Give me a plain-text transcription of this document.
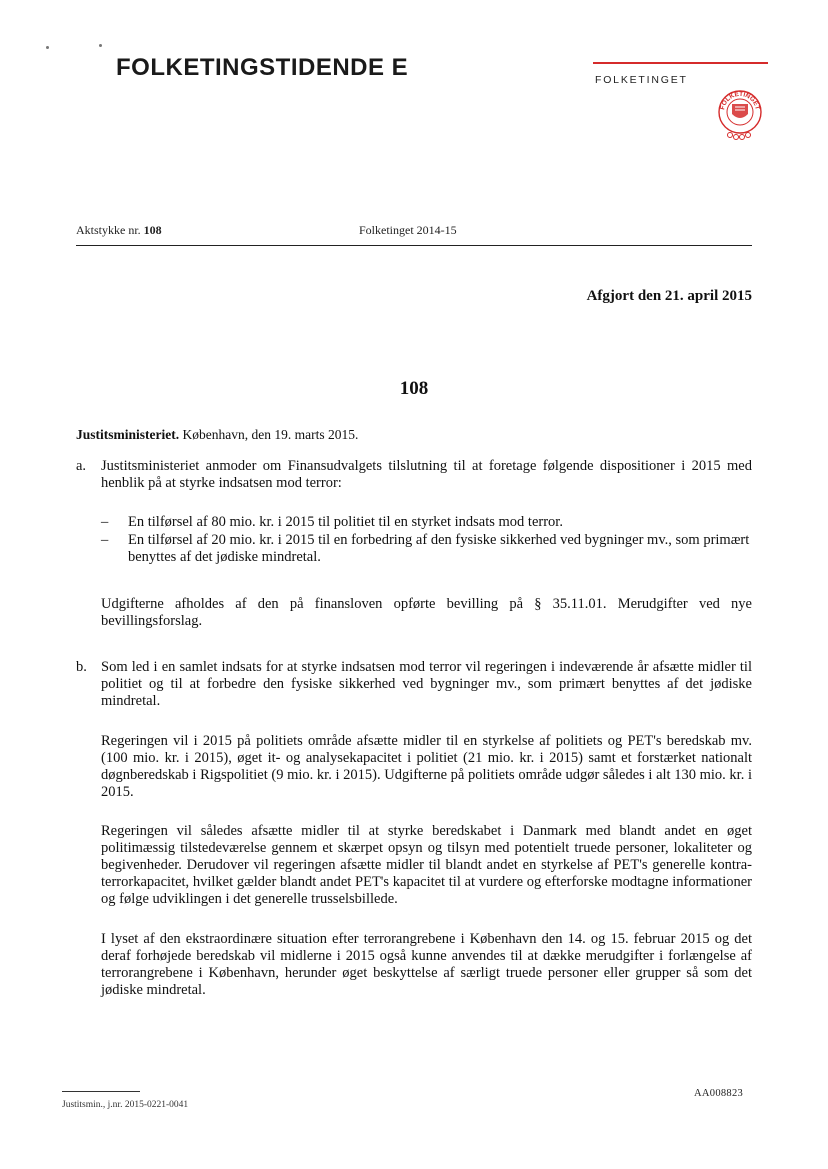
FOLKETINGSTIDENDE E	FOLKETINGET
FOLKETINGET
Aktstykke nr. 108	Folketinget 2014-15
Afgjort den 21. april 2015
108
Justitsministeriet. København, den 19. marts 2015.
a. Justitsministeriet anmoder om Finansudvalgets tilslutning til at foretage følgende dispositioner i 2015 med henblik på at styrke indsatsen mod terror:

– En tilførsel af 80 mio. kr. i 2015 til politiet til en styrket indsats mod terror.

– En tilførsel af 20 mio. kr. i 2015 til en forbedring af den fysiske sikkerhed ved bygninger mv., som primært benyttes af det jødiske mindretal.

Udgifterne afholdes af den på finansloven opførte bevilling på § 35.11.01. Merudgifter ved nye bevillingsforslag.

b. Som led i en samlet indsats for at styrke indsatsen mod terror vil regeringen i indeværende år afsætte midler til politiet og til at forbedre den fysiske sikkerhed ved bygninger mv., som primært benyttes af det jødiske mindretal.

Regeringen vil i 2015 på politiets område afsætte midler til en styrkelse af politiets og PET's beredskab mv. (100 mio. kr. i 2015), øget it- og analysekapacitet i politiet (21 mio. kr. i 2015) samt et forstærket nationalt døgnberedskab i Rigspolitiet (9 mio. kr. i 2015). Udgifterne på politiets område udgør således i alt 130 mio. kr. i 2015.

Regeringen vil således afsætte midler til at styrke beredskabet i Danmark med blandt andet en øget politimæssig tilstedeværelse gennem et skærpet opsyn og tilsyn med potentielt truede personer, lokaliteter og begivenheder. Derudover vil regeringen afsætte midler til blandt andet en styrkelse af PET's generelle kontra-terrorkapacitet, hvilket gælder blandt andet PET's kapacitet til at vurdere og efterforske modtagne informationer og følge udviklingen i det generelle trusselsbillede.

I lyset af den ekstraordinære situation efter terrorangrebene i København den 14. og 15. februar 2015 og det deraf forhøjede beredskab vil midlerne i 2015 også kunne anvendes til at dække merudgifter i forlængelse af terrorangrebene i København, herunder øget beskyttelse af særligt truede personer eller grupper så som det jødiske mindretal.

Justitsmin., j.nr. 2015-0221-0041
AA008823
